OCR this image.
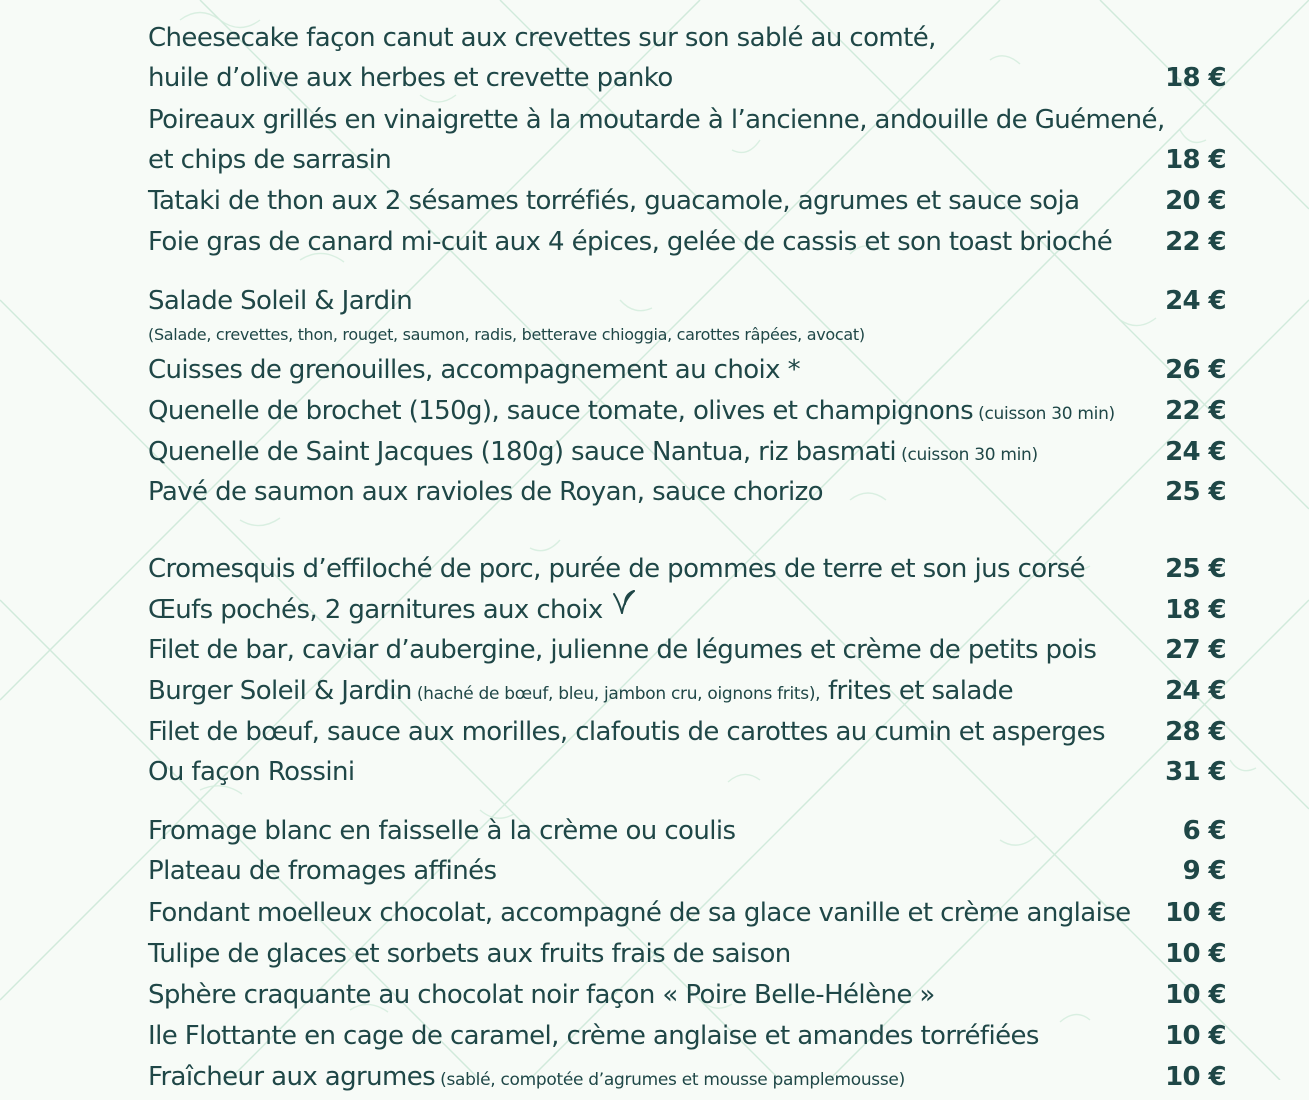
Cheesecake façon canut aux crevettes sur son sablé au comté,
huile d’olive aux herbes et crevette panko	18 €
Poireaux grillés en vinaigrette à la moutarde à l’ancienne, andouille de Guémené,
et chips de sarrasin	18 €
Tataki de thon aux 2 sésames torréfiés, guacamole, agrumes et sauce soja	20 €
Foie gras de canard mi-cuit aux 4 épices, gelée de cassis et son toast brioché 22 €
Salade Soleil & Jardin	24 €
Cuisses de grenouilles, accompagnement au choix *	26 €
Quenelle de brochet (150g), sauce tomate, olives et champignons (cuisson 30 min) 22 €
Quenelle de Saint Jacques (180g) sauce Nantua, riz basmati (cuisson 30 min)	24 €
Pavé de saumon aux ravioles de Royan, sauce chorizo	25 €
Cromesquis d’effiloché de porc, purée de pommes de terre et son jus corsé	25 €
Œufs pochés, 2 garnitures aux choix	18 €
Filet de bar, caviar d’aubergine, julienne de légumes et crème de petits pois	27 €
Burger Soleil & Jardin (haché de bœuf, bleu, jambon cru, oignons frits), frites et salade	24 €
Filet de bœuf, sauce aux morilles, clafoutis de carottes au cumin et asperges 28 €
Ou façon Rossini	31 €
Fromage blanc en faisselle à la crème ou coulis	6 €
Plateau de fromages affinés	9 €
Fondant moelleux chocolat, accompagné de sa glace vanille et crème anglaise 10 €
Tulipe de glaces et sorbets aux fruits frais de saison	10 €
Sphère craquante au chocolat noir façon « Poire Belle-Hélène »	10 €
Ile Flottante en cage de caramel, crème anglaise et amandes torréfiées	10 €
Fraîcheur aux agrumes (sablé, compotée d’agrumes et mousse pamplemousse)	10 €
(Salade, crevettes, thon, rouget, saumon, radis, betterave chioggia, carottes râpées, avocat)
